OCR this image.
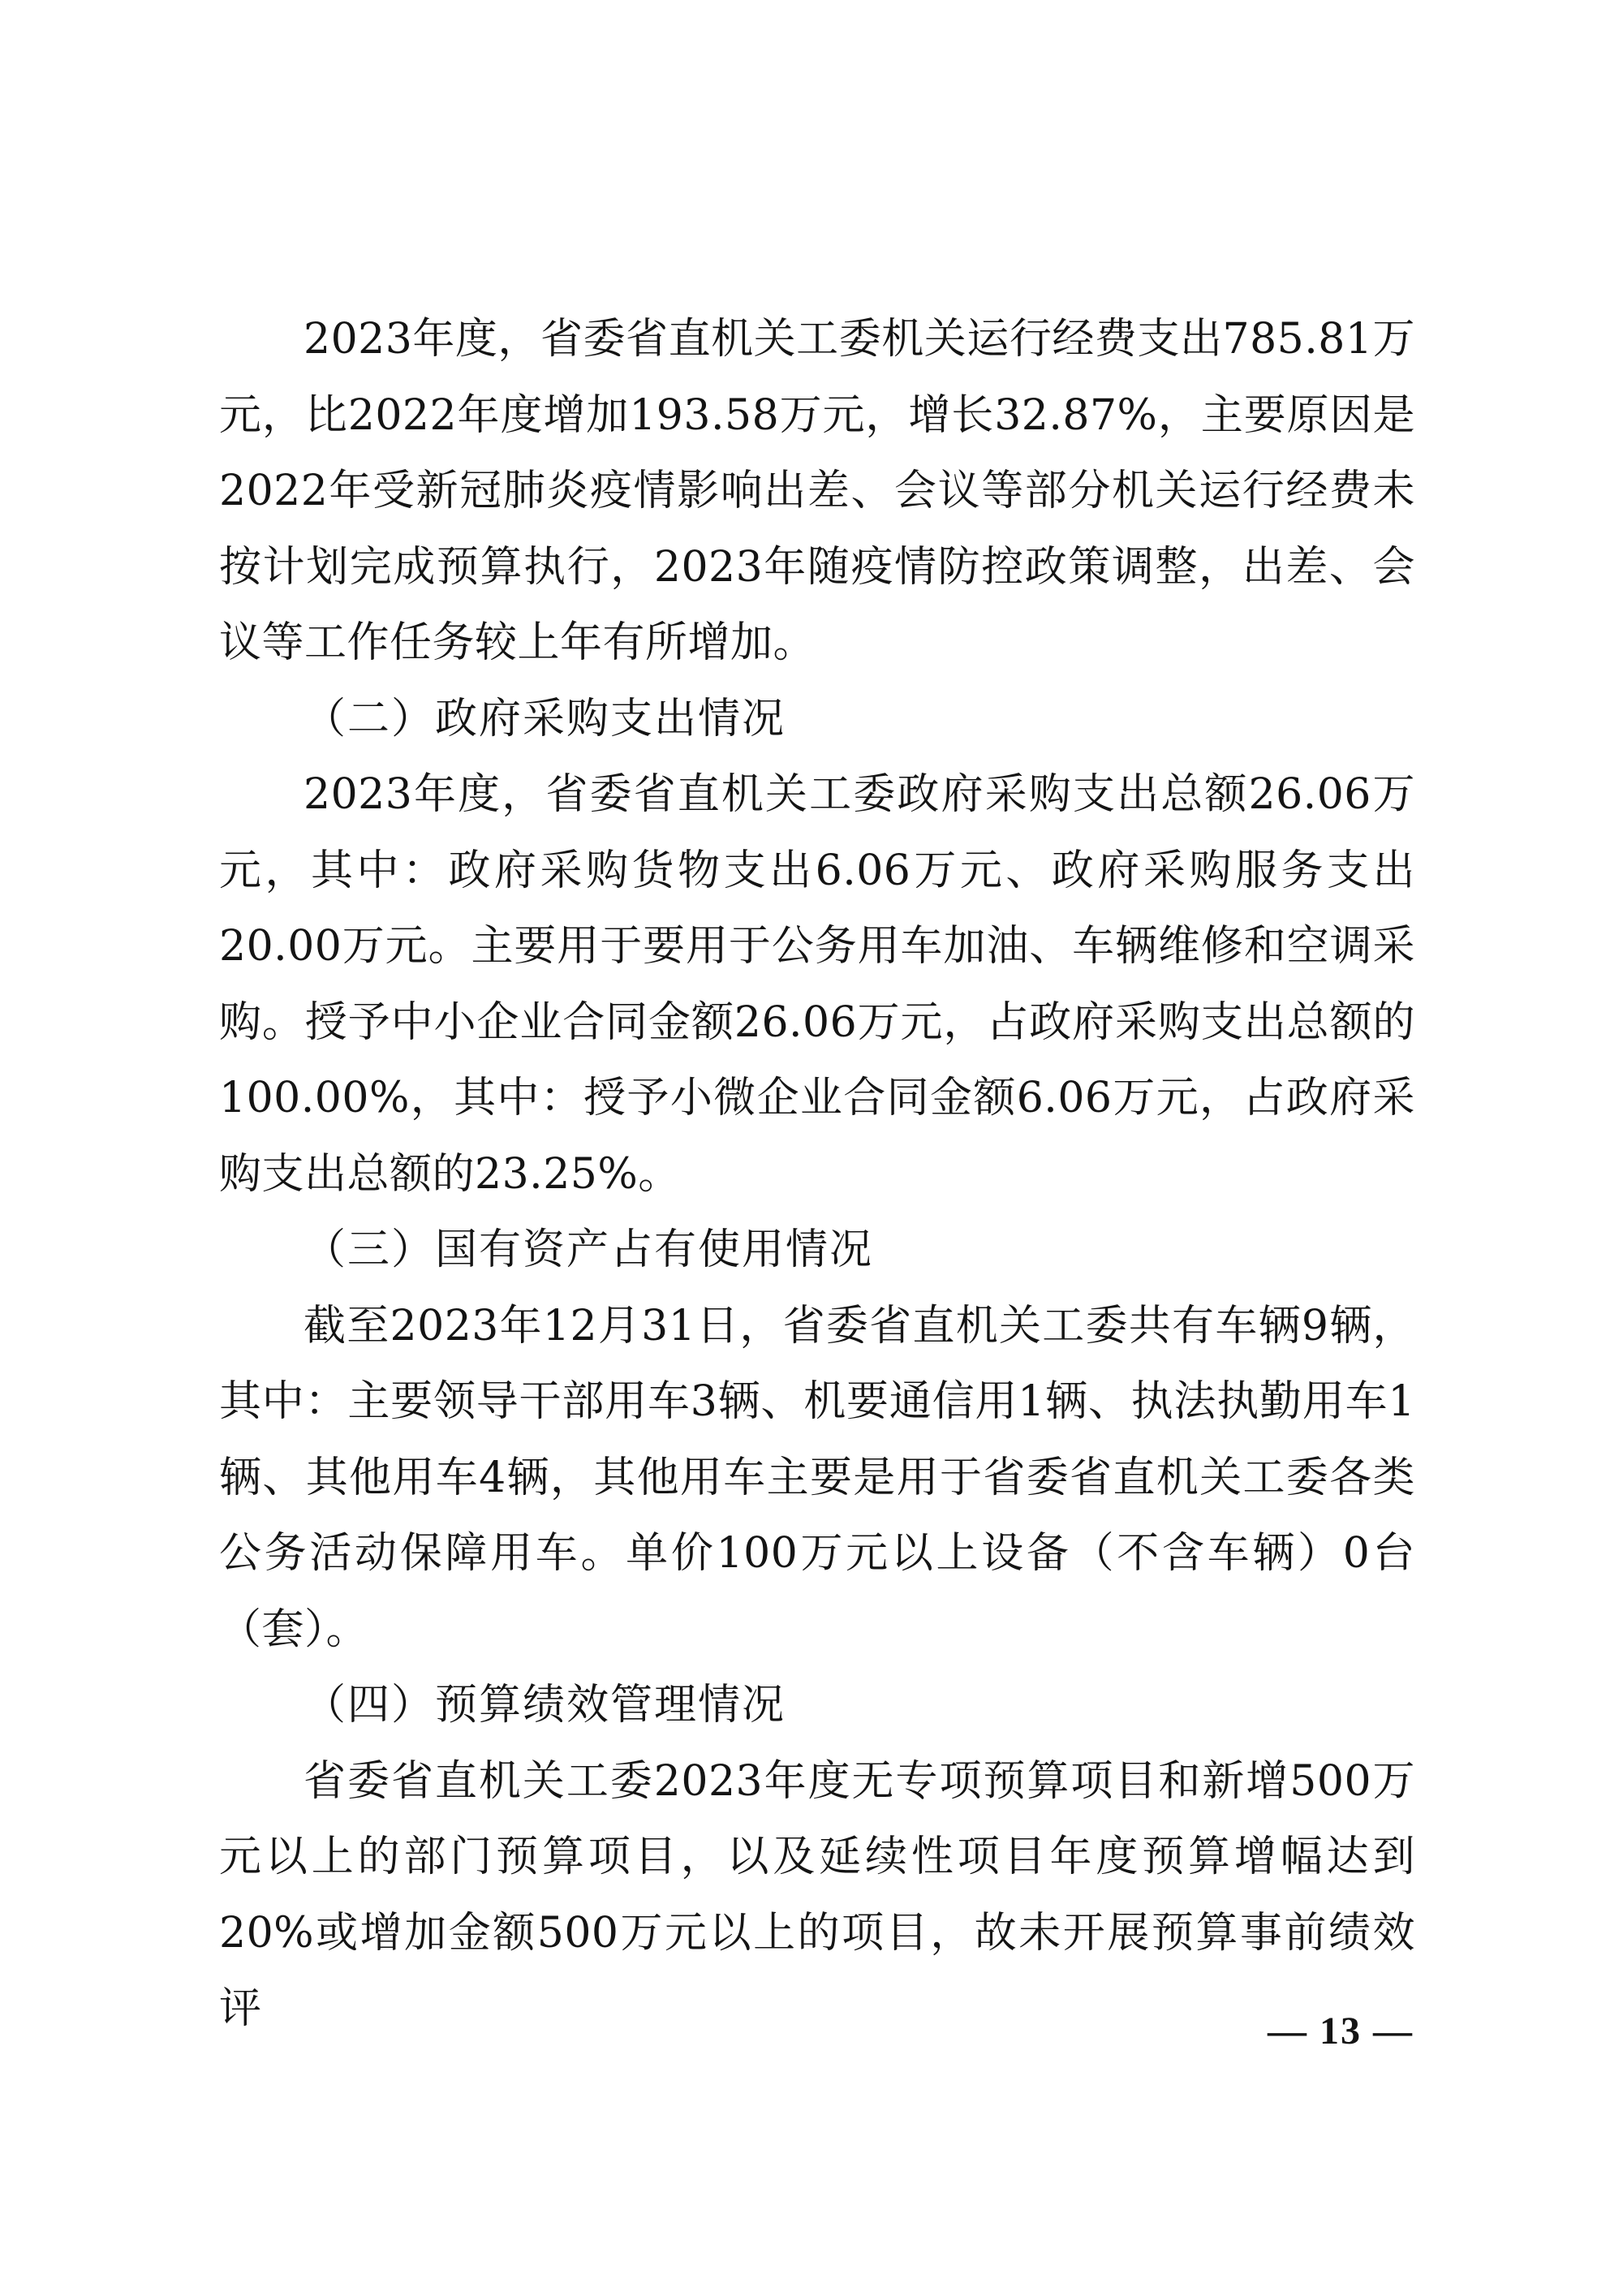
2023年度，省委省直机关工委机关运行经费支出785.81万元，比2022年度增加193.58万元，增长32.87%，主要原因是2022年受新冠肺炎疫情影响出差、会议等部分机关运行经费未按计划完成预算执行，2023年随疫情防控政策调整，出差、会议等工作任务较上年有所增加。

（二）政府采购支出情况

2023年度，省委省直机关工委政府采购支出总额26.06万元，其中：政府采购货物支出6.06万元、政府采购服务支出20.00万元。主要用于要用于公务用车加油、车辆维修和空调采购。授予中小企业合同金额26.06万元，占政府采购支出总额的100.00%，其中：授予小微企业合同金额6.06万元，占政府采购支出总额的23.25%。

（三）国有资产占有使用情况

截至2023年12月31日，省委省直机关工委共有车辆9辆，其中：主要领导干部用车3辆、机要通信用1辆、执法执勤用车1辆、其他用车4辆，其他用车主要是用于省委省直机关工委各类公务活动保障用车。单价100万元以上设备（不含车辆）0台（套）。

（四）预算绩效管理情况

省委省直机关工委2023年度无专项预算项目和新增500万元以上的部门预算项目，以及延续性项目年度预算增幅达到20%或增加金额500万元以上的项目，故未开展预算事前绩效评	— 13 —
